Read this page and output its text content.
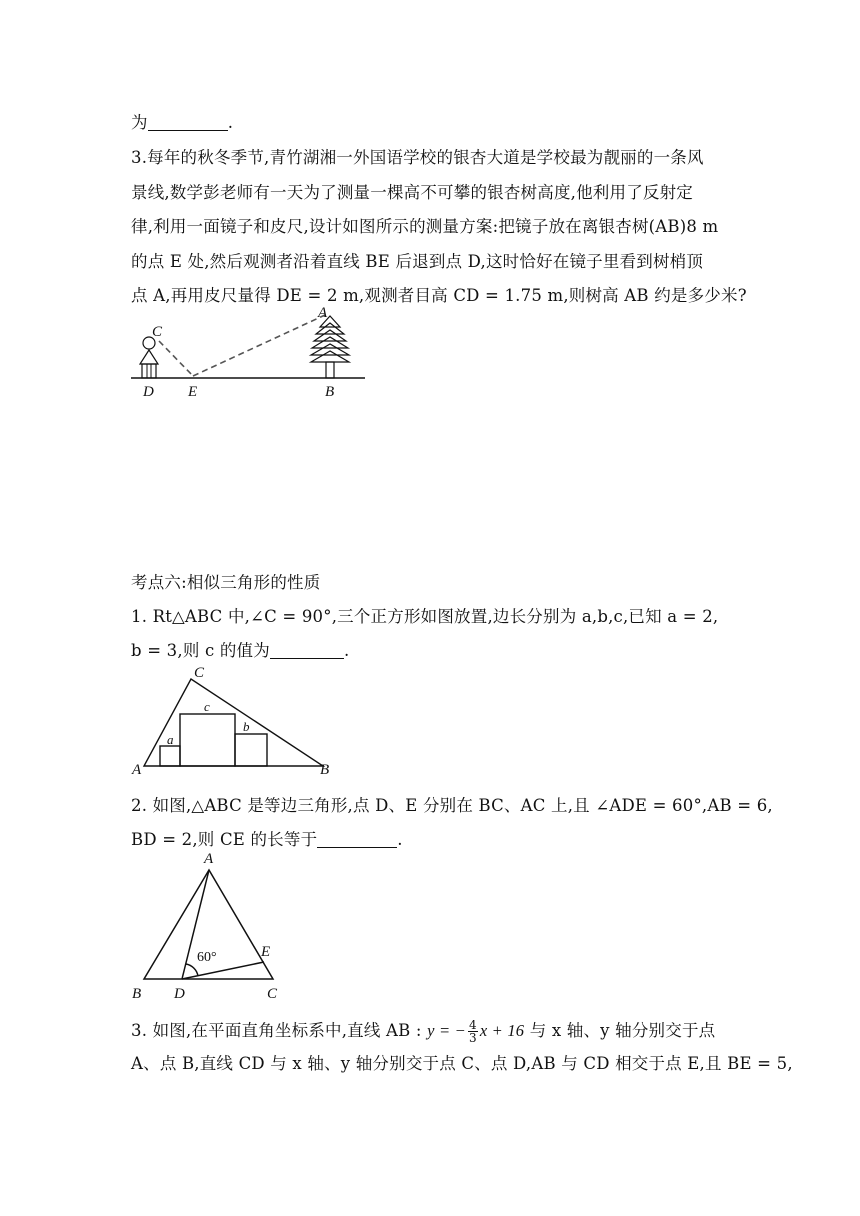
为	.
3.每年的秋冬季节,青竹湖湘一外国语学校的银杏大道是学校最为靓丽的一条风
景线,数学彭老师有一天为了测量一棵高不可攀的银杏树高度,他利用了反射定
律,利用一面镜子和皮尺,设计如图所示的测量方案:把镜子放在离银杏树(AB)8 m
的点 E 处,然后观测者沿着直线 BE 后退到点 D,这时恰好在镜子里看到树梢顶
点 A,再用皮尺量得 DE = 2 m,观测者目高 CD = 1.75 m,则树高 AB 约是多少米?
C
A
D E	B
考点六:相似三角形的性质
1. Rt△ABC 中,∠C = 90°,三个正方形如图放置,边长分别为 a,b,c,已知 a = 2,
b = 3,则 c 的值为	.
C
A	B
a
c
b
2. 如图,△ABC 是等边三角形,点 D、E 分别在 BC、AC 上,且 ∠ADE = 60°,AB = 6,
BD = 2,则 CE 的长等于	.
A
B D	C
E
60°
3. 如图,在平面直角坐标系中,直线 AB : y = − $\frac{4}{3}$ x + 16 与 x 轴、y 轴分别交于点
A、点 B,直线 CD 与 x 轴、y 轴分别交于点 C、点 D,AB 与 CD 相交于点 E,且 BE = 5,
